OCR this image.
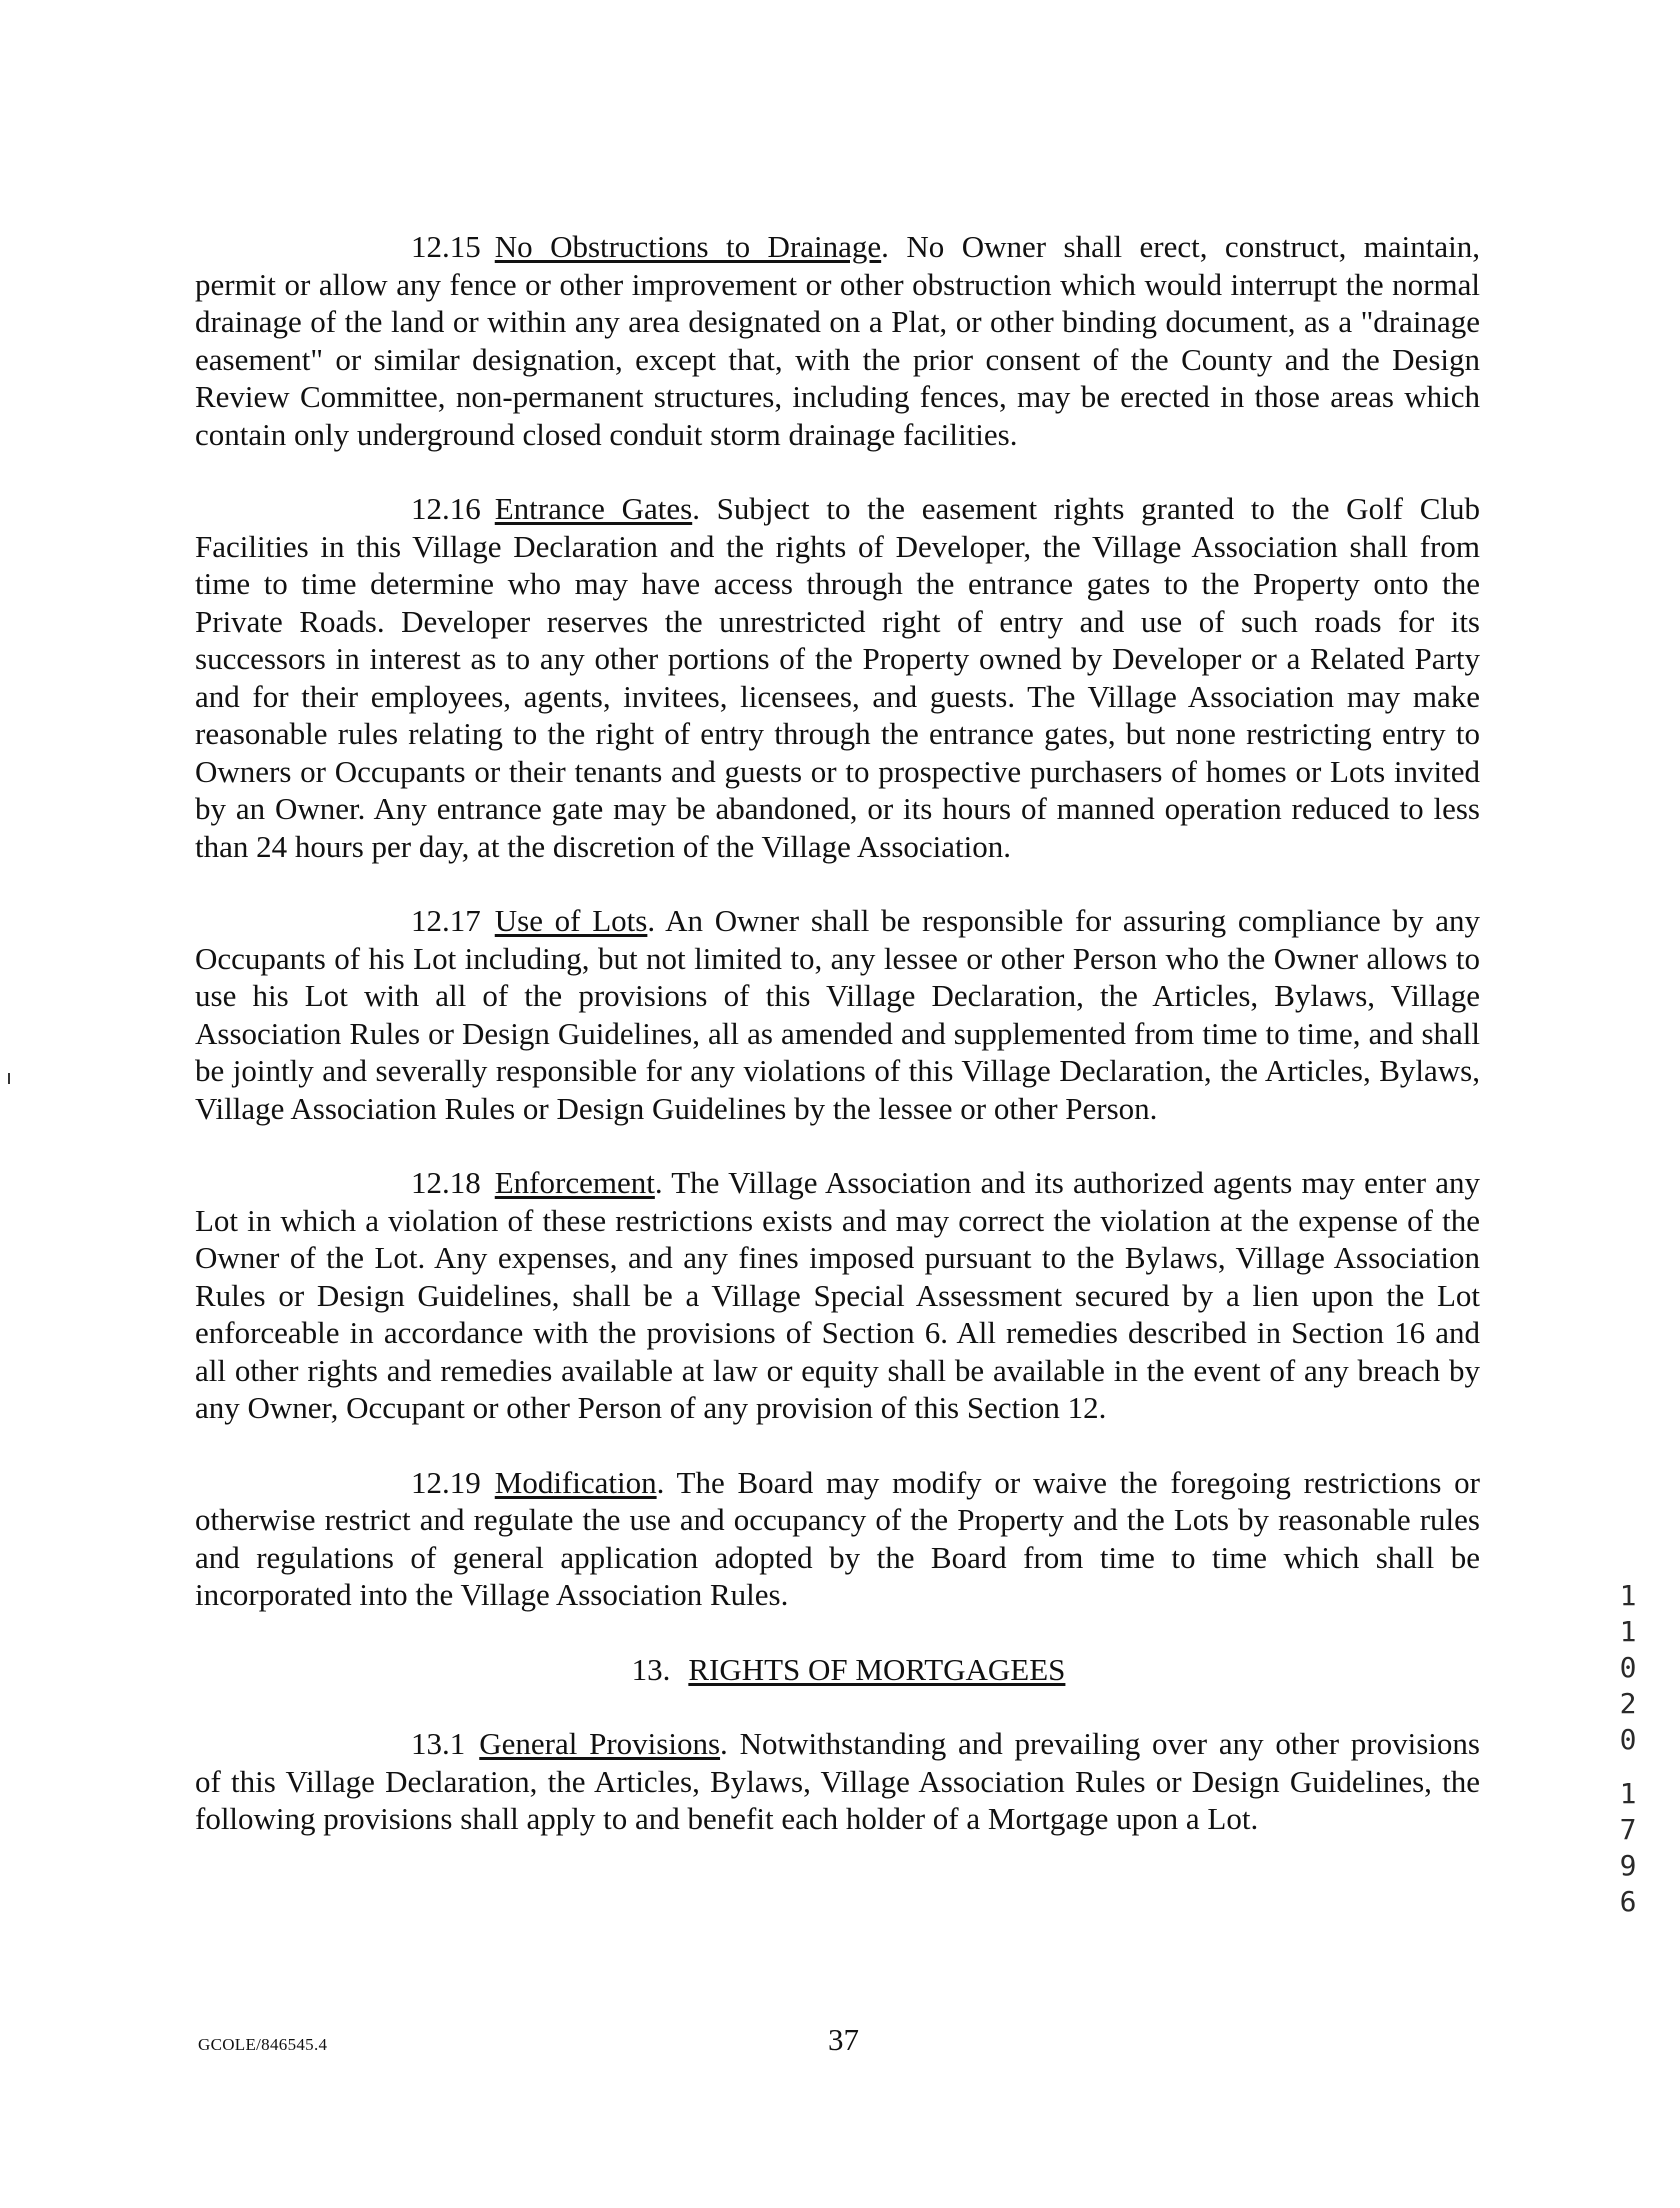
12.15 No Obstructions to Drainage. No Owner shall erect, construct, maintain, permit or allow any fence or other improvement or other obstruction which would interrupt the normal drainage of the land or within any area designated on a Plat, or other binding document, as a "drainage easement" or similar designation, except that, with the prior consent of the County and the Design Review Committee, non-permanent structures, including fences, may be erected in those areas which contain only underground closed conduit storm drainage facilities.

12.16 Entrance Gates. Subject to the easement rights granted to the Golf Club Facilities in this Village Declaration and the rights of Developer, the Village Association shall from time to time determine who may have access through the entrance gates to the Property onto the Private Roads. Developer reserves the unrestricted right of entry and use of such roads for its successors in interest as to any other portions of the Property owned by Developer or a Related Party and for their employees, agents, invitees, licensees, and guests. The Village Association may make reasonable rules relating to the right of entry through the entrance gates, but none restricting entry to Owners or Occupants or their tenants and guests or to prospective purchasers of homes or Lots invited by an Owner. Any entrance gate may be abandoned, or its hours of manned operation reduced to less than 24 hours per day, at the discretion of the Village Association.

12.17 Use of Lots. An Owner shall be responsible for assuring compliance by any Occupants of his Lot including, but not limited to, any lessee or other Person who the Owner allows to use his Lot with all of the provisions of this Village Declaration, the Articles, Bylaws, Village Association Rules or Design Guidelines, all as amended and supplemented from time to time, and shall be jointly and severally responsible for any violations of this Village Declaration, the Articles, Bylaws, Village Association Rules or Design Guidelines by the lessee or other Person.

12.18 Enforcement. The Village Association and its authorized agents may enter any Lot in which a violation of these restrictions exists and may correct the violation at the expense of the Owner of the Lot. Any expenses, and any fines imposed pursuant to the Bylaws, Village Association Rules or Design Guidelines, shall be a Village Special Assessment secured by a lien upon the Lot enforceable in accordance with the provisions of Section 6. All remedies described in Section 16 and all other rights and remedies available at law or equity shall be available in the event of any breach by any Owner, Occupant or other Person of any provision of this Section 12.

12.19 Modification. The Board may modify or waive the foregoing restrictions or otherwise restrict and regulate the use and occupancy of the Property and the Lots by reasonable rules and regulations of general application adopted by the Board from time to time which shall be incorporated into the Village Association Rules.

13. RIGHTS OF MORTGAGEES

13.1 General Provisions. Notwithstanding and prevailing over any other provisions of this Village Declaration, the Articles, Bylaws, Village Association Rules or Design Guidelines, the following provisions shall apply to and benefit each holder of a Mortgage upon a Lot.

GCOLE/846545.4	37
1
1
0
2
0
1
7
9
6
